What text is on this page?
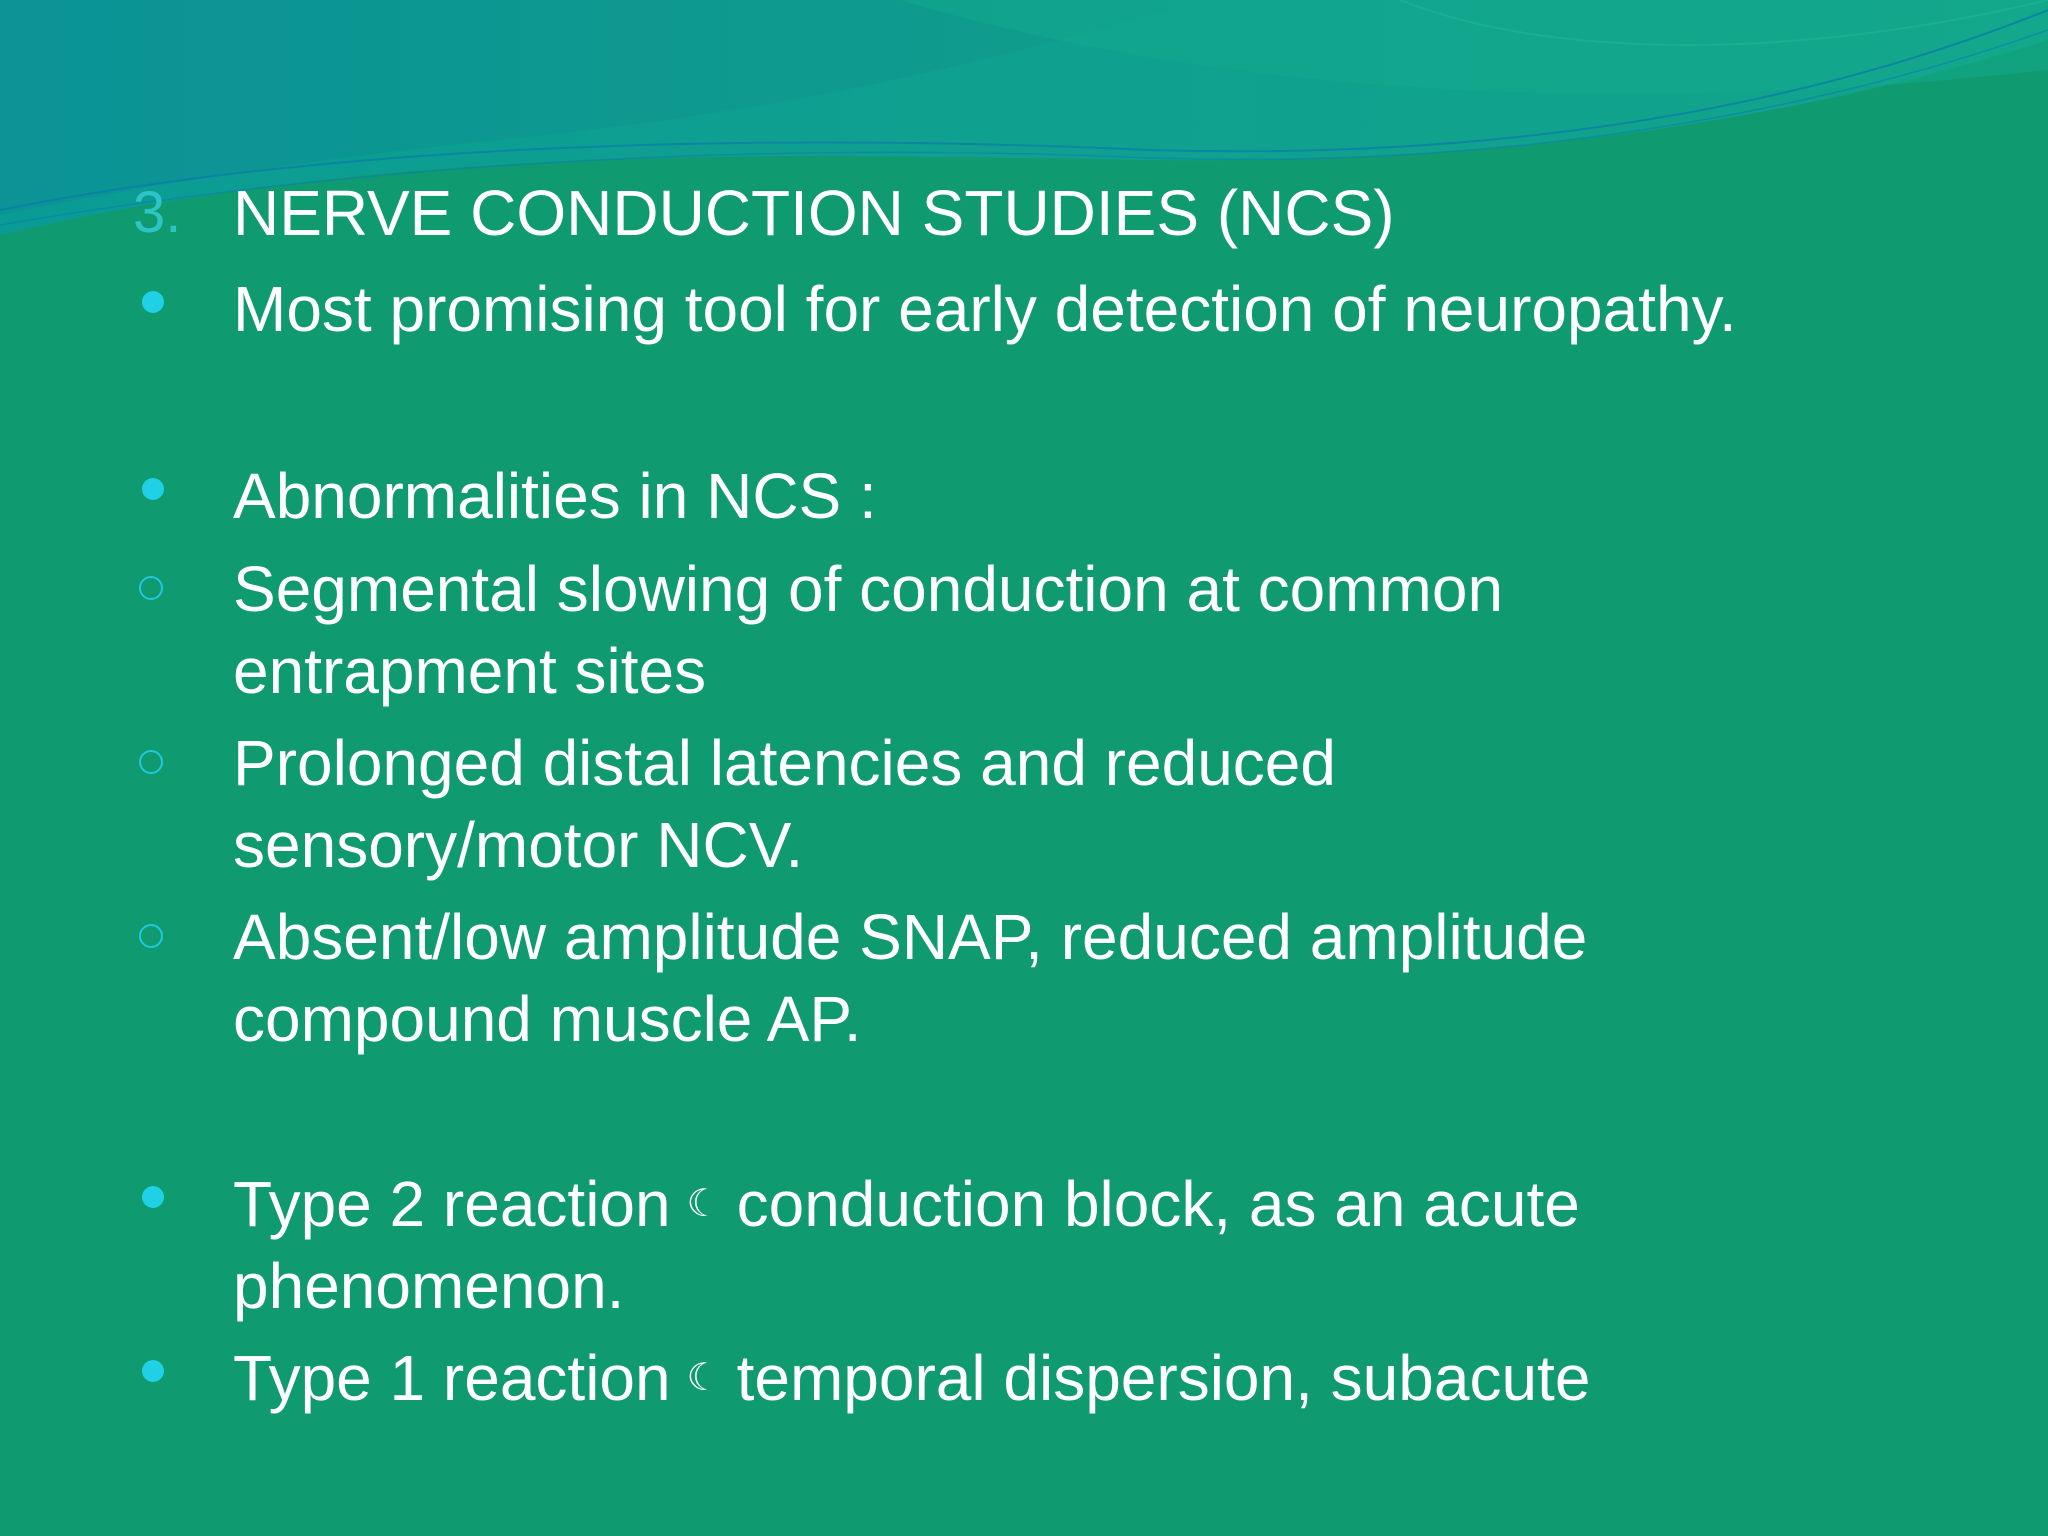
3. NERVE CONDUCTION STUDIES (NCS)
Most promising tool for early detection of neuropathy.
Abnormalities in NCS :
Segmental slowing of conduction at common
entrapment sites
Prolonged distal latencies and reduced
sensory/motor NCV.
Absent/low amplitude SNAP, reduced amplitude
compound muscle AP.
Type 2 reaction ☾ conduction block, as an acute
phenomenon.
Type 1 reaction ☾ temporal dispersion, subacute
